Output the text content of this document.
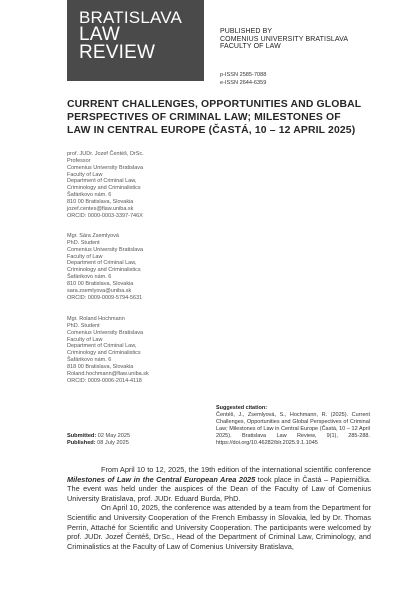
BRATISLAVA
LAW
REVIEW
PUBLISHED BY
COMENIUS UNIVERSITY BRATISLAVA
FACULTY OF LAW
p-ISSN 2585-7088
e-ISSN 2644-6359
CURRENT CHALLENGES, OPPORTUNITIES AND GLOBAL PERSPECTIVES OF CRIMINAL LAW; MILESTONES OF LAW IN CENTRAL EUROPE (ČASTÁ, 10 – 12 APRIL 2025)
prof. JUDr. Jozef Čentéš, DrSc.
Professor
Comenius University Bratislava
Faculty of Law
Department of Criminal Law,
Criminology and Criminalistics
Šafárikovo nám. 6
810 00 Bratislava, Slovakia
jozef.centes@flaw.uniba.sk
ORCID: 0000-0003-3397-746X
Mgr. Sára Zsemlyová
PhD. Student
Comenius University Bratislava
Faculty of Law
Department of Criminal Law,
Criminology and Criminalistics
Šafárikovo nám. 6
810 00 Bratislava, Slovakia
sara.zsemlyova@uniba.sk
ORCID: 0009-0009-5794-5631
Mgr. Roland Hochmann
PhD. Student
Comenius University Bratislava
Faculty of Law
Department of Criminal Law,
Criminology and Criminalistics
Šafárikovo nám. 6
818 00 Bratislava, Slovakia
Roland.hochmann@flaw.uniba.sk
ORCID: 0009-0006-2014-4118
Suggested citation:
Čentéš, J., Zsemlyová, S., Hochmann, R. (2025). Current Challenges, Opportunities and Global Perspectives of Criminal Law; Milestones of Law in Central Europe (Častá, 10 – 12 April 2025). Bratislava Law Review, 9(1), 285-288. https://doi.org/10.46282/blr.2025.9.1.1045
Submitted: 02 May 2025
Published: 08 July 2025

From April 10 to 12, 2025, the 19th edition of the international scientific conference Milestones of Law in the Central European Area 2025 took place in Častá – Papiernička. The event was held under the auspices of the Dean of the Faculty of Law of Comenius University Bratislava, prof. JUDr. Eduard Burda, PhD.

On April 10, 2025, the conference was attended by a team from the Department for Scientific and University Cooperation of the French Embassy in Slovakia, led by Dr. Thomas Perrin, Attaché for Scientific and University Cooperation. The participants were welcomed by prof. JUDr. Jozef Čentéš, DrSc., Head of the Department of Criminal Law, Criminology, and Criminalistics at the Faculty of Law of Comenius University Bratislava,
